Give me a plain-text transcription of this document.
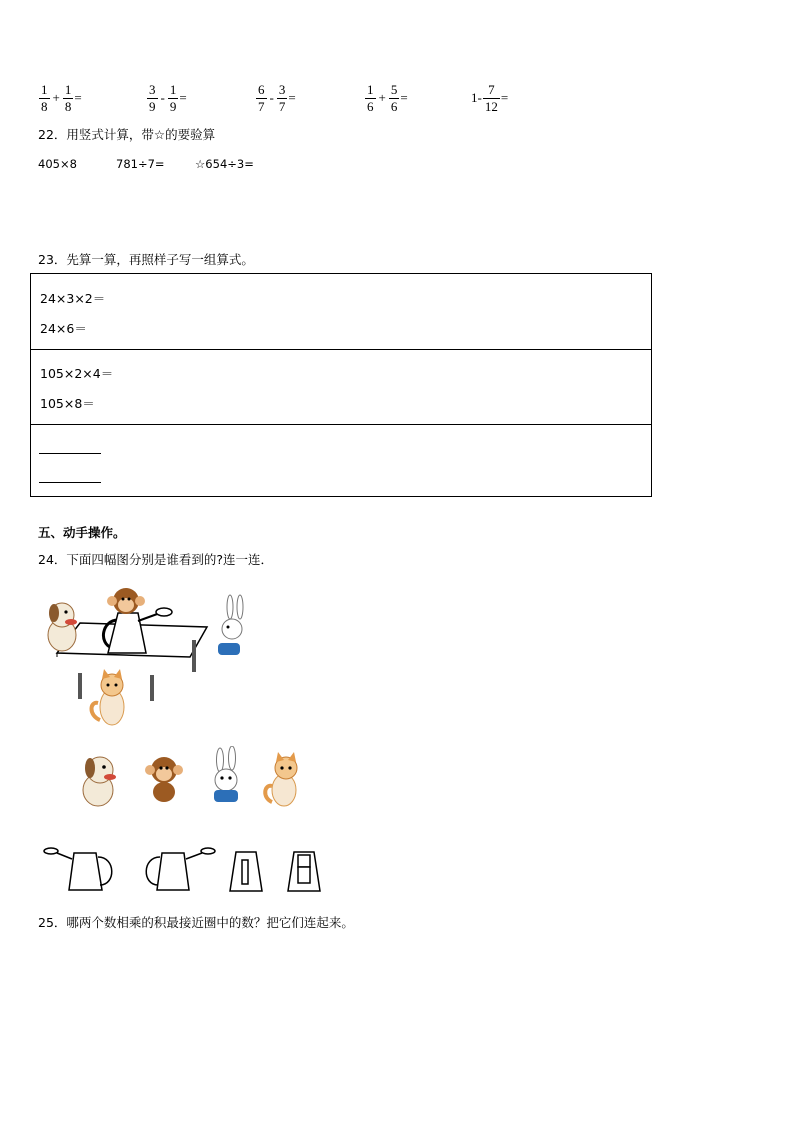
$\frac{1}{8} + \frac{1}{8}$ =	$\frac{3}{9} - \frac{1}{9}$ =	$\frac{6}{7} - \frac{3}{7}$ =	$\frac{1}{6} + \frac{5}{6}$ =	$1- \frac{7}{12}$ =
22．用竖式计算，带☆的要验算
405×8	781÷7=	☆654÷3=
23．先算一算，再照样子写一组算式。
24×3×2＝
24×6＝
105×2×4＝
105×8＝
五、动手操作。
24．下面四幅图分别是谁看到的?连一连．
25．哪两个数相乘的积最接近圈中的数？把它们连起来。
